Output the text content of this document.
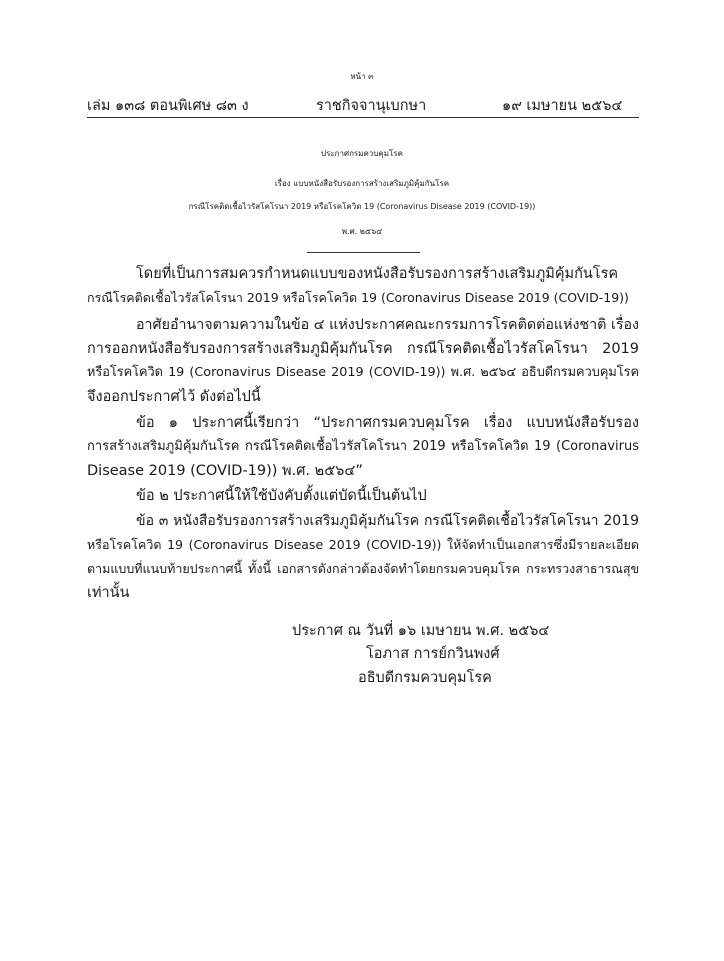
หน้า ๓
เล่ม ๑๓๘ ตอนพิเศษ ๘๓ ง	ราชกิจจานุเบกษา	๑๙ เมษายน ๒๕๖๔
ประกาศกรมควบคุมโรค
เรื่อง แบบหนังสือรับรองการสร้างเสริมภูมิคุ้มกันโรค
กรณีโรคติดเชื้อไวรัสโคโรนา 2019 หรือโรคโควิด 19 (Coronavirus Disease 2019 (COVID-19))
พ.ศ. ๒๕๖๔
โดยที่เป็นการสมควรกำหนดแบบของหนังสือรับรองการสร้างเสริมภูมิคุ้มกันโรค
กรณีโรคติดเชื้อไวรัสโคโรนา 2019 หรือโรคโควิด 19 (Coronavirus Disease 2019 (COVID-19))
อาศัยอำนาจตามความในข้อ ๔ แห่งประกาศคณะกรรมการโรคติดต่อแห่งชาติ เรื่อง
การออกหนังสือรับรองการสร้างเสริมภูมิคุ้มกันโรค กรณีโรคติดเชื้อไวรัสโคโรนา 2019
หรือโรคโควิด 19 (Coronavirus Disease 2019 (COVID-19)) พ.ศ. ๒๕๖๔ อธิบดีกรมควบคุมโรค
จึงออกประกาศไว้ ดังต่อไปนี้
ข้อ ๑ ประกาศนี้เรียกว่า “ประกาศกรมควบคุมโรค เรื่อง แบบหนังสือรับรอง
การสร้างเสริมภูมิคุ้มกันโรค กรณีโรคติดเชื้อไวรัสโคโรนา 2019 หรือโรคโควิด 19 (Coronavirus
Disease 2019 (COVID-19)) พ.ศ. ๒๕๖๔”
ข้อ ๒ ประกาศนี้ให้ใช้บังคับตั้งแต่บัดนี้เป็นต้นไป
ข้อ ๓ หนังสือรับรองการสร้างเสริมภูมิคุ้มกันโรค กรณีโรคติดเชื้อไวรัสโคโรนา 2019
หรือโรคโควิด 19 (Coronavirus Disease 2019 (COVID-19)) ให้จัดทำเป็นเอกสารซึ่งมีรายละเอียด
ตามแบบที่แนบท้ายประกาศนี้ ทั้งนี้ เอกสารดังกล่าวต้องจัดทำโดยกรมควบคุมโรค กระทรวงสาธารณสุข
เท่านั้น
ประกาศ ณ วันที่ ๑๖ เมษายน พ.ศ. ๒๕๖๔
โอภาส การย์กวินพงศ์
อธิบดีกรมควบคุมโรค
